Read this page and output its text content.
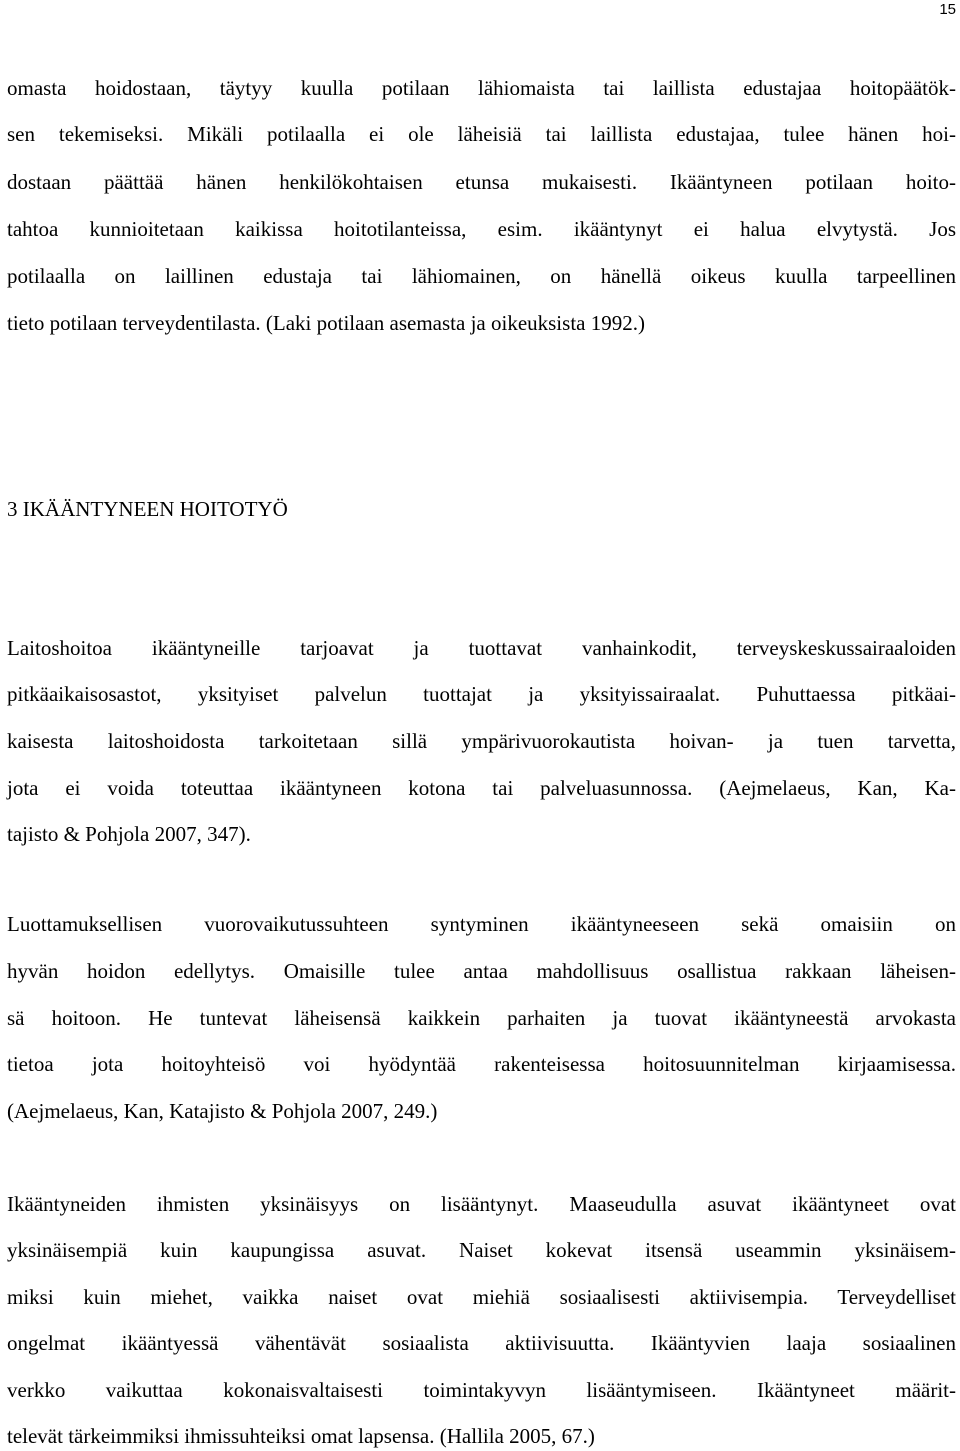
15
omasta hoidostaan, täytyy kuulla potilaan lähiomaista tai laillista edustajaa hoitopäätök-
sen tekemiseksi. Mikäli potilaalla ei ole läheisiä tai laillista edustajaa, tulee hänen hoi-
dostaan päättää hänen henkilökohtaisen etunsa mukaisesti. Ikääntyneen potilaan hoito-
tahtoa kunnioitetaan kaikissa hoitotilanteissa, esim. ikääntynyt ei halua elvytystä. Jos
potilaalla on laillinen edustaja tai lähiomainen, on hänellä oikeus kuulla tarpeellinen
tieto potilaan terveydentilasta. (Laki potilaan asemasta ja oikeuksista 1992.)
3 IKÄÄNTYNEEN HOITOTYÖ
Laitoshoitoa ikääntyneille tarjoavat ja tuottavat vanhainkodit, terveyskeskussairaaloiden
pitkäaikaisosastot, yksityiset palvelun tuottajat ja yksityissairaalat. Puhuttaessa pitkäai-
kaisesta laitoshoidosta tarkoitetaan sillä ympärivuorokautista hoivan- ja tuen tarvetta,
jota ei voida toteuttaa ikääntyneen kotona tai palveluasunnossa. (Aejmelaeus, Kan, Ka-
tajisto & Pohjola 2007, 347).
Luottamuksellisen vuorovaikutussuhteen syntyminen ikääntyneeseen sekä omaisiin on
hyvän hoidon edellytys. Omaisille tulee antaa mahdollisuus osallistua rakkaan läheisen-
sä hoitoon. He tuntevat läheisensä kaikkein parhaiten ja tuovat ikääntyneestä arvokasta
tietoa jota hoitoyhteisö voi hyödyntää rakenteisessa hoitosuunnitelman kirjaamisessa.
(Aejmelaeus, Kan, Katajisto & Pohjola 2007, 249.)
Ikääntyneiden ihmisten yksinäisyys on lisääntynyt. Maaseudulla asuvat ikääntyneet ovat
yksinäisempiä kuin kaupungissa asuvat. Naiset kokevat itsensä useammin yksinäisem-
miksi kuin miehet, vaikka naiset ovat miehiä sosiaalisesti aktiivisempia. Terveydelliset
ongelmat ikääntyessä vähentävät sosiaalista aktiivisuutta. Ikääntyvien laaja sosiaalinen
verkko vaikuttaa kokonaisvaltaisesti toimintakyvyn lisääntymiseen. Ikääntyneet määrit-
televät tärkeimmiksi ihmissuhteiksi omat lapsensa. (Hallila 2005, 67.)
